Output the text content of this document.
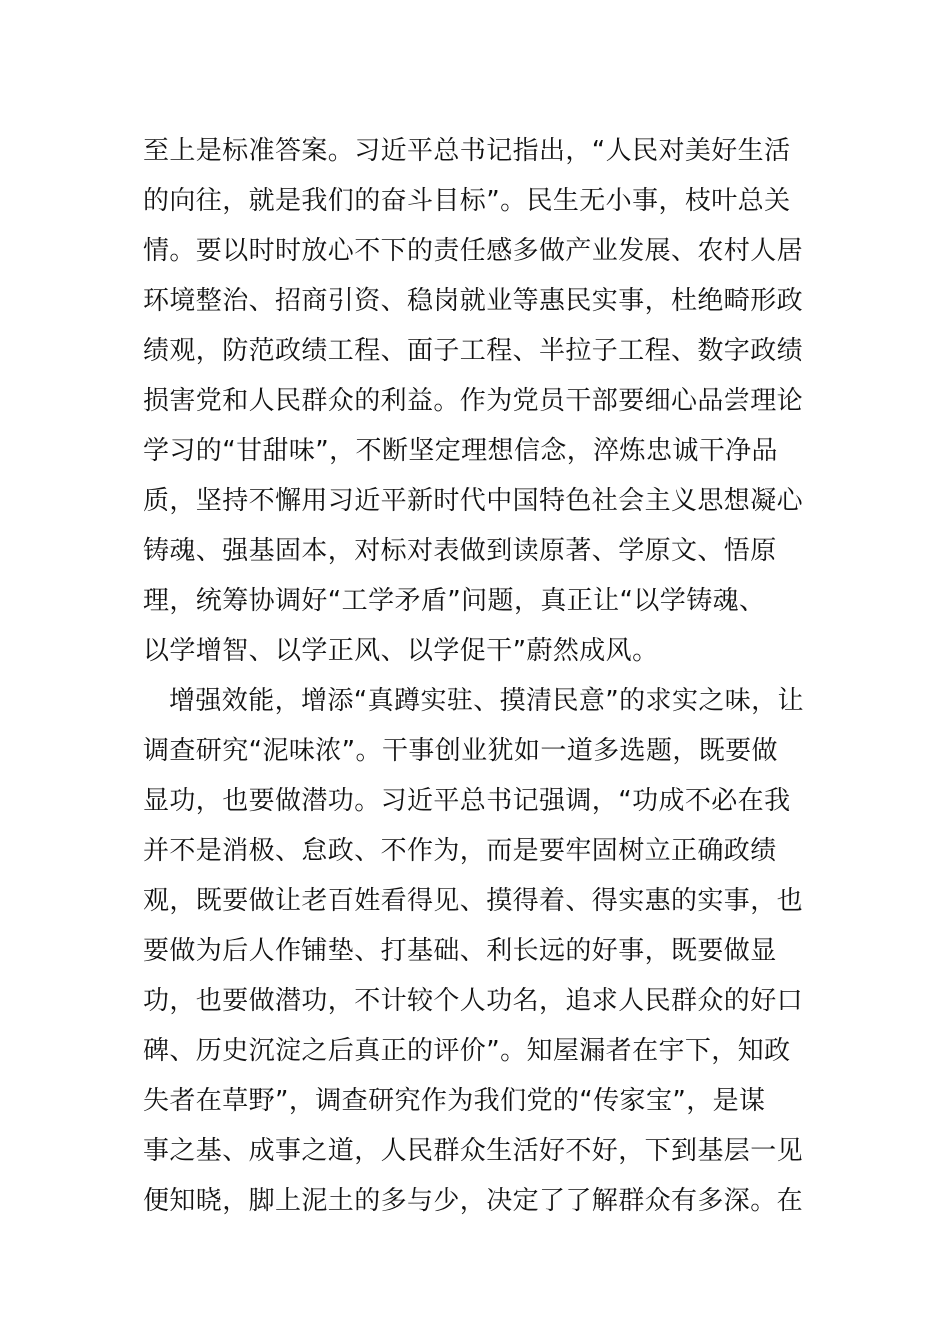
至上是标准答案。习近平总书记指出，“人民对美好生活
的向往，就是我们的奋斗目标”。民生无小事，枝叶总关
情。要以时时放心不下的责任感多做产业发展、农村人居
环境整治、招商引资、稳岗就业等惠民实事，杜绝畸形政
绩观，防范政绩工程、面子工程、半拉子工程、数字政绩
损害党和人民群众的利益。作为党员干部要细心品尝理论
学习的“甘甜味”，不断坚定理想信念，淬炼忠诚干净品
质，坚持不懈用习近平新时代中国特色社会主义思想凝心
铸魂、强基固本，对标对表做到读原著、学原文、悟原
理，统筹协调好“工学矛盾”问题，真正让“以学铸魂、
以学增智、以学正风、以学促干”蔚然成风。
增强效能，增添“真蹲实驻、摸清民意”的求实之味，让
调查研究“泥味浓”。干事创业犹如一道多选题，既要做
显功，也要做潜功。习近平总书记强调，“功成不必在我
并不是消极、怠政、不作为，而是要牢固树立正确政绩
观，既要做让老百姓看得见、摸得着、得实惠的实事，也
要做为后人作铺垫、打基础、利长远的好事，既要做显
功，也要做潜功，不计较个人功名，追求人民群众的好口
碑、历史沉淀之后真正的评价”。知屋漏者在宇下，知政
失者在草野”，调查研究作为我们党的“传家宝”，是谋
事之基、成事之道，人民群众生活好不好，下到基层一见
便知晓，脚上泥土的多与少，决定了了解群众有多深。在
